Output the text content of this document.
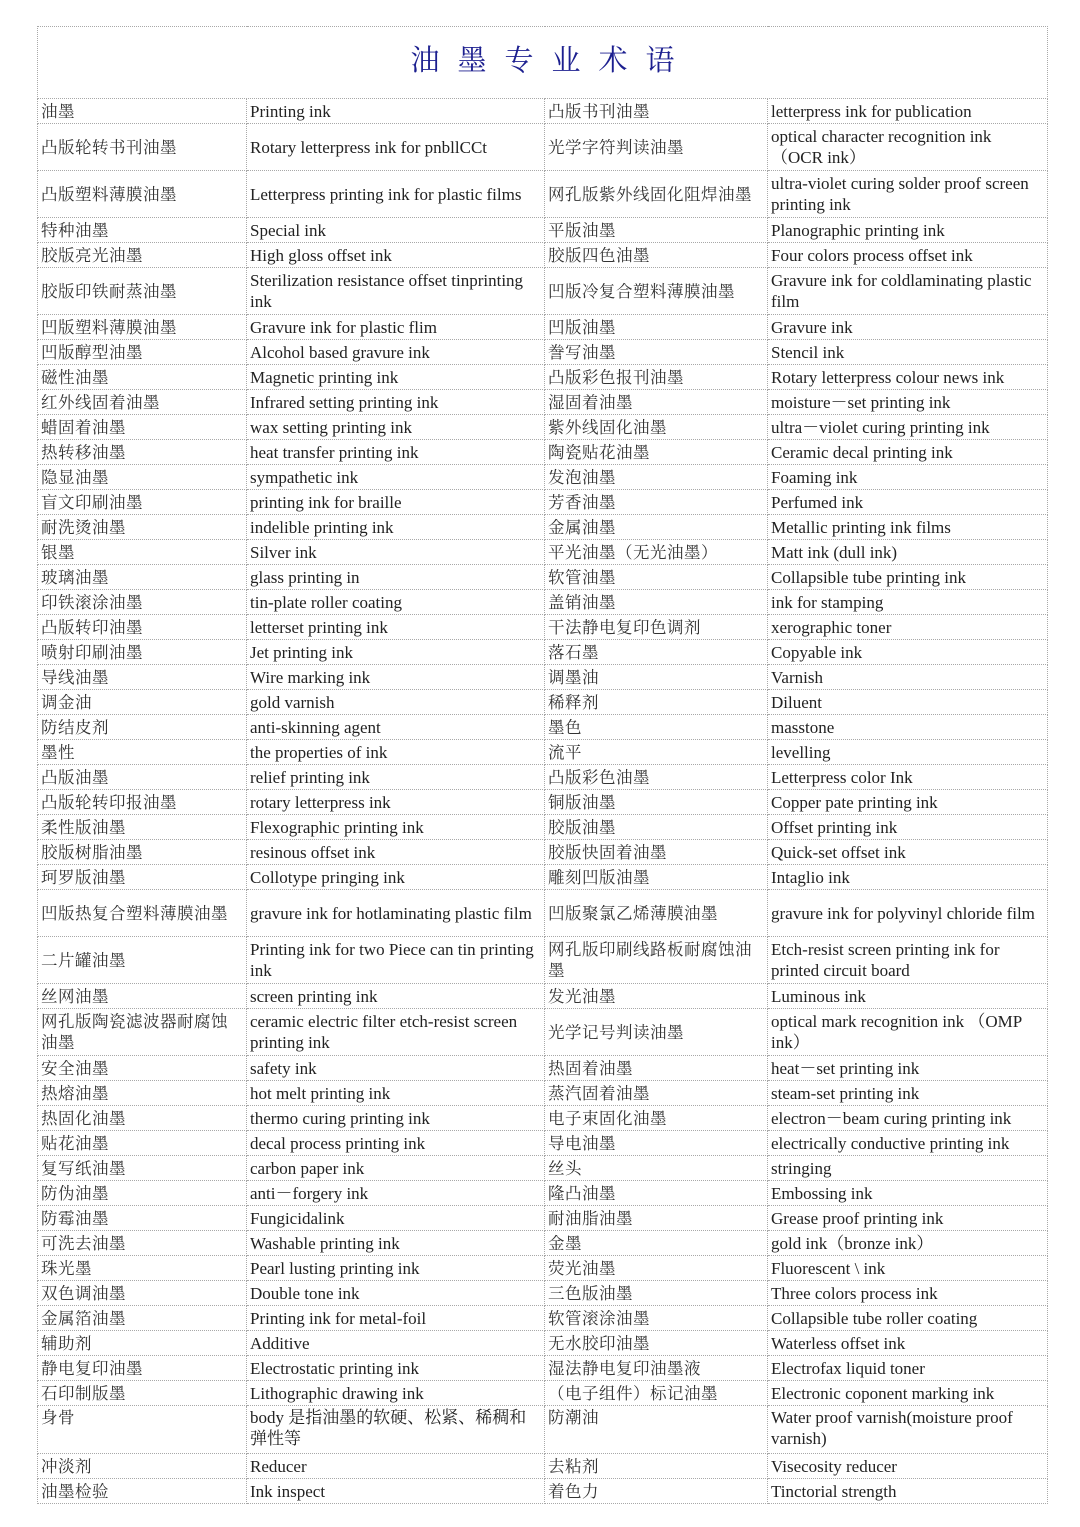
油墨专业术语			
油墨	Printing ink	凸版书刊油墨	letterpress ink for publication
凸版轮转书刊油墨	Rotary letterpress ink for pnbllCCt	光学字符判读油墨	optical character recognition ink （OCR ink）
凸版塑料薄膜油墨	Letterpress printing ink for plastic films	网孔版紫外线固化阻焊油墨	ultra-violet curing solder proof screen printing ink
特种油墨	Special ink	平版油墨	Planographic printing ink
胶版亮光油墨	High gloss offset ink	胶版四色油墨	Four colors process offset ink
胶版印铁耐蒸油墨	Sterilization resistance offset tinprinting ink	凹版冷复合塑料薄膜油墨	Gravure ink for coldlaminating plastic film
凹版塑料薄膜油墨	Gravure ink for plastic flim	凹版油墨	Gravure ink
凹版醇型油墨	Alcohol based gravure ink	誊写油墨	Stencil ink
磁性油墨	Magnetic printing ink	凸版彩色报刊油墨	Rotary letterpress colour news ink
红外线固着油墨	Infrared setting printing ink	湿固着油墨	moisture－set printing ink
蜡固着油墨	wax setting printing ink	紫外线固化油墨	ultra－violet curing printing ink
热转移油墨	heat transfer printing ink	陶瓷贴花油墨	Ceramic decal printing ink
隐显油墨	sympathetic ink	发泡油墨	Foaming ink
盲文印刷油墨	printing ink for braille	芳香油墨	Perfumed ink
耐洗烫油墨	indelible printing ink	金属油墨	Metallic printing ink films
银墨	Silver ink	平光油墨（无光油墨）	Matt ink (dull ink)
玻璃油墨	glass printing in	软管油墨	Collapsible tube printing ink
印铁滚涂油墨	tin-plate roller coating	盖销油墨	ink for stamping
凸版转印油墨	letterset printing ink	干法静电复印色调剂	xerographic toner
喷射印刷油墨	Jet printing ink	落石墨	Copyable ink
导线油墨	Wire marking ink	调墨油	Varnish
调金油	gold varnish	稀释剂	Diluent
防结皮剂	anti-skinning agent	墨色	masstone
墨性	the properties of ink	流平	levelling
凸版油墨	relief printing ink	凸版彩色油墨	Letterpress color Ink
凸版轮转印报油墨	rotary letterpress ink	铜版油墨	Copper pate printing ink
柔性版油墨	Flexographic printing ink	胶版油墨	Offset printing ink
胶版树脂油墨	resinous offset ink	胶版快固着油墨	Quick-set offset ink
珂罗版油墨	Collotype pringing ink	雕刻凹版油墨	Intaglio ink
凹版热复合塑料薄膜油墨	gravure ink for hotlaminating plastic film	凹版聚氯乙烯薄膜油墨	gravure ink for polyvinyl chloride film
二片罐油墨	Printing ink for two Piece can tin printing ink	网孔版印刷线路板耐腐蚀油墨	Etch-resist screen printing ink for printed circuit board
丝网油墨	screen printing ink	发光油墨	Luminous ink
网孔版陶瓷滤波器耐腐蚀油墨	ceramic electric filter etch-resist screen printing ink	光学记号判读油墨	optical mark recognition ink （OMP ink）
安全油墨	safety ink	热固着油墨	heat－set printing ink
热熔油墨	hot melt printing ink	蒸汽固着油墨	steam-set printing ink
热固化油墨	thermo curing printing ink	电子束固化油墨	electron－beam curing printing ink
贴花油墨	decal process printing ink	导电油墨	electrically conductive printing ink
复写纸油墨	carbon paper ink	丝头	stringing
防伪油墨	anti－forgery ink	隆凸油墨	Embossing ink
防霉油墨	Fungicidalink	耐油脂油墨	Grease proof printing ink
可洗去油墨	Washable printing ink	金墨	gold ink（bronze ink）
珠光墨	Pearl lusting printing ink	荧光油墨	Fluorescent \ ink
双色调油墨	Double tone ink	三色版油墨	Three colors process ink
金属箔油墨	Printing ink for metal-foil	软管滚涂油墨	Collapsible tube roller coating
辅助剂	Additive	无水胶印油墨	Waterless offset ink
静电复印油墨	Electrostatic printing ink	湿法静电复印油墨液	Electrofax liquid toner
石印制版墨	Lithographic drawing ink	（电子组件）标记油墨	Electronic coponent marking ink
身骨	body 是指油墨的软硬、松紧、稀稠和弹性等	防潮油	Water proof varnish(moisture proof varnish)
冲淡剂	Reducer	去粘剂	Visecosity reducer
油墨检验	Ink inspect	着色力	Tinctorial strength
